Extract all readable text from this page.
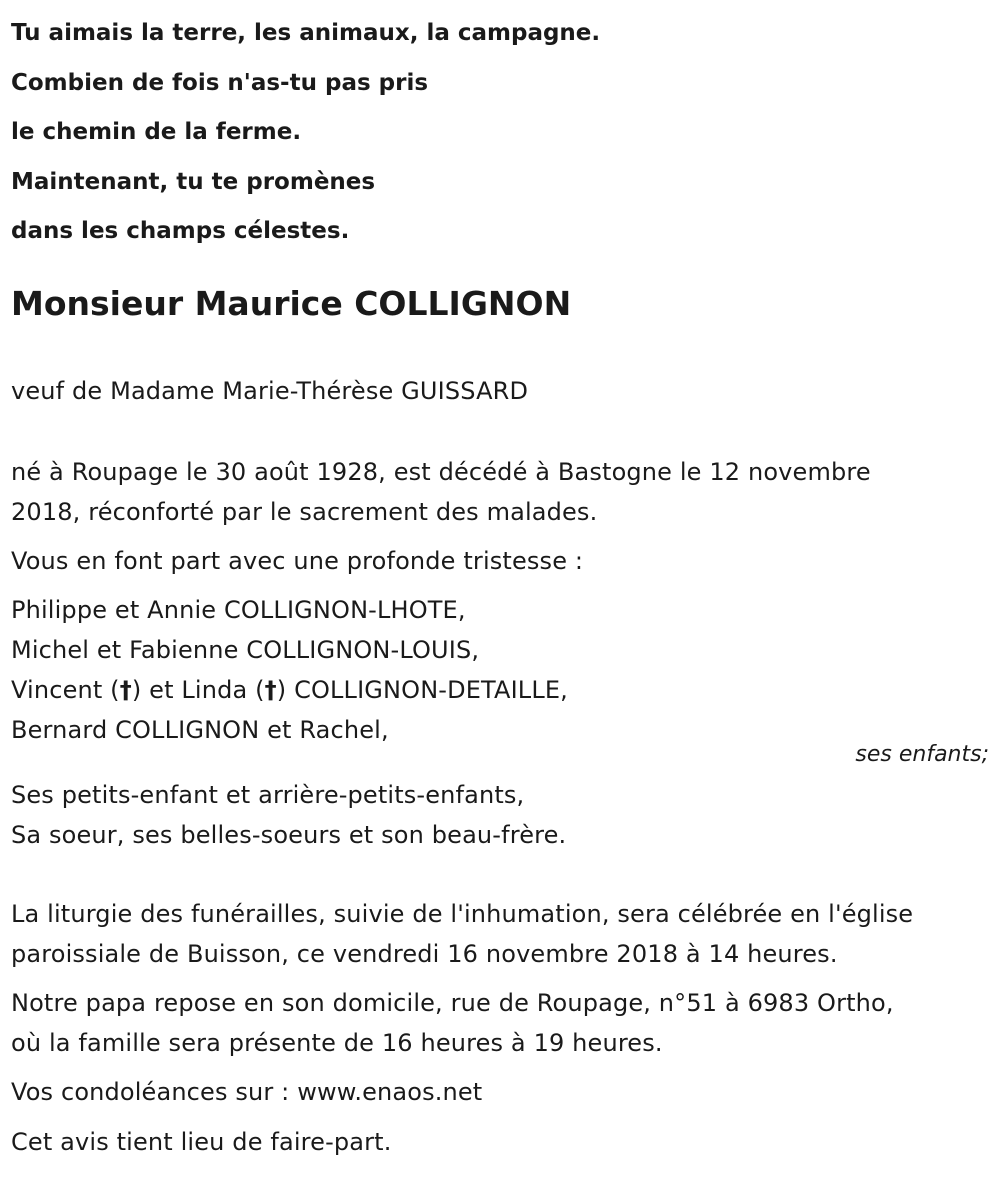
Tu aimais la terre, les animaux, la campagne.
Combien de fois n'as-tu pas pris
le chemin de la ferme.
Maintenant, tu te promènes
dans les champs célestes.
Monsieur Maurice COLLIGNON

veuf de Madame Marie-Thérèse GUISSARD

né à Roupage le 30 août 1928, est décédé à Bastogne le 12 novembre
2018, réconforté par le sacrement des malades.

Vous en font part avec une profonde tristesse :

Philippe et Annie COLLIGNON-LHOTE,
Michel et Fabienne COLLIGNON-LOUIS,
Vincent (†) et Linda (†) COLLIGNON-DETAILLE,
Bernard COLLIGNON et Rachel,

ses enfants;

Ses petits-enfant et arrière-petits-enfants,
Sa soeur, ses belles-soeurs et son beau-frère.

La liturgie des funérailles, suivie de l'inhumation, sera célébrée en l'église
paroissiale de Buisson, ce vendredi 16 novembre 2018 à 14 heures.

Notre papa repose en son domicile, rue de Roupage, n°51 à 6983 Ortho,
où la famille sera présente de 16 heures à 19 heures.

Vos condoléances sur : www.enaos.net

Cet avis tient lieu de faire-part.
